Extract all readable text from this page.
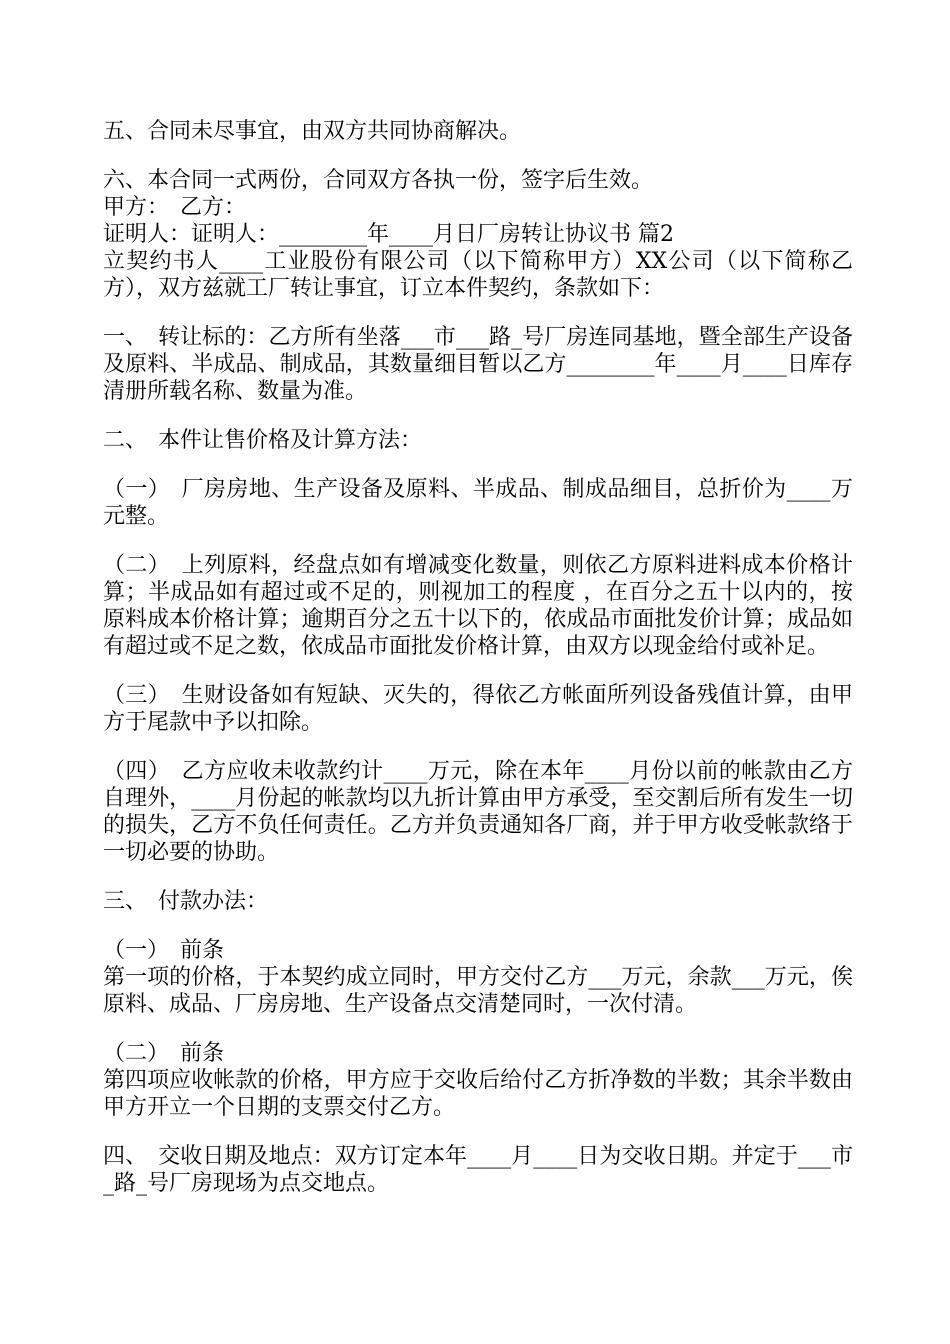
五、合同未尽事宜，由双方共同协商解决。

六、本合同一式两份，合同双方各执一份，签字后生效。

甲方：　乙方：

证明人：证明人：________年____月日厂房转让协议书 篇2

立契约书人____工业股份有限公司（以下简称甲方）XX公司（以下简称乙方），双方兹就工厂转让事宜，订立本件契约，条款如下：

一、　转让标的：乙方所有坐落___市___路_号厂房连同基地，暨全部生产设备及原料、半成品、制成品，其数量细目暂以乙方________年____月____日库存清册所载名称、数量为准。

二、　本件让售价格及计算方法：

（一）　厂房房地、生产设备及原料、半成品、制成品细目，总折价为____万元整。

（二）　上列原料，经盘点如有增减变化数量，则依乙方原料进料成本价格计算；半成品如有超过或不足的，则视加工的程度 ，在百分之五十以内的，按原料成本价格计算；逾期百分之五十以下的，依成品市面批发价计算；成品如有超过或不足之数，依成品市面批发价格计算，由双方以现金给付或补足。

（三）　生财设备如有短缺、灭失的，得依乙方帐面所列设备残值计算，由甲方于尾款中予以扣除。

（四）　乙方应收未收款约计____万元，除在本年____月份以前的帐款由乙方自理外，____月份起的帐款均以九折计算由甲方承受，至交割后所有发生一切的损失，乙方不负任何责任。乙方并负责通知各厂商，并于甲方收受帐款络于一切必要的协助。

三、　付款办法：

（一）　前条

第一项的价格，于本契约成立同时，甲方交付乙方___万元，余款___万元，俟原料、成品、厂房房地、生产设备点交清楚同时，一次付清。

（二）　前条

第四项应收帐款的价格，甲方应于交收后给付乙方折净数的半数；其余半数由甲方开立一个日期的支票交付乙方。

四、　交收日期及地点：双方订定本年____月____日为交收日期。并定于___市_路_号厂房现场为点交地点。
